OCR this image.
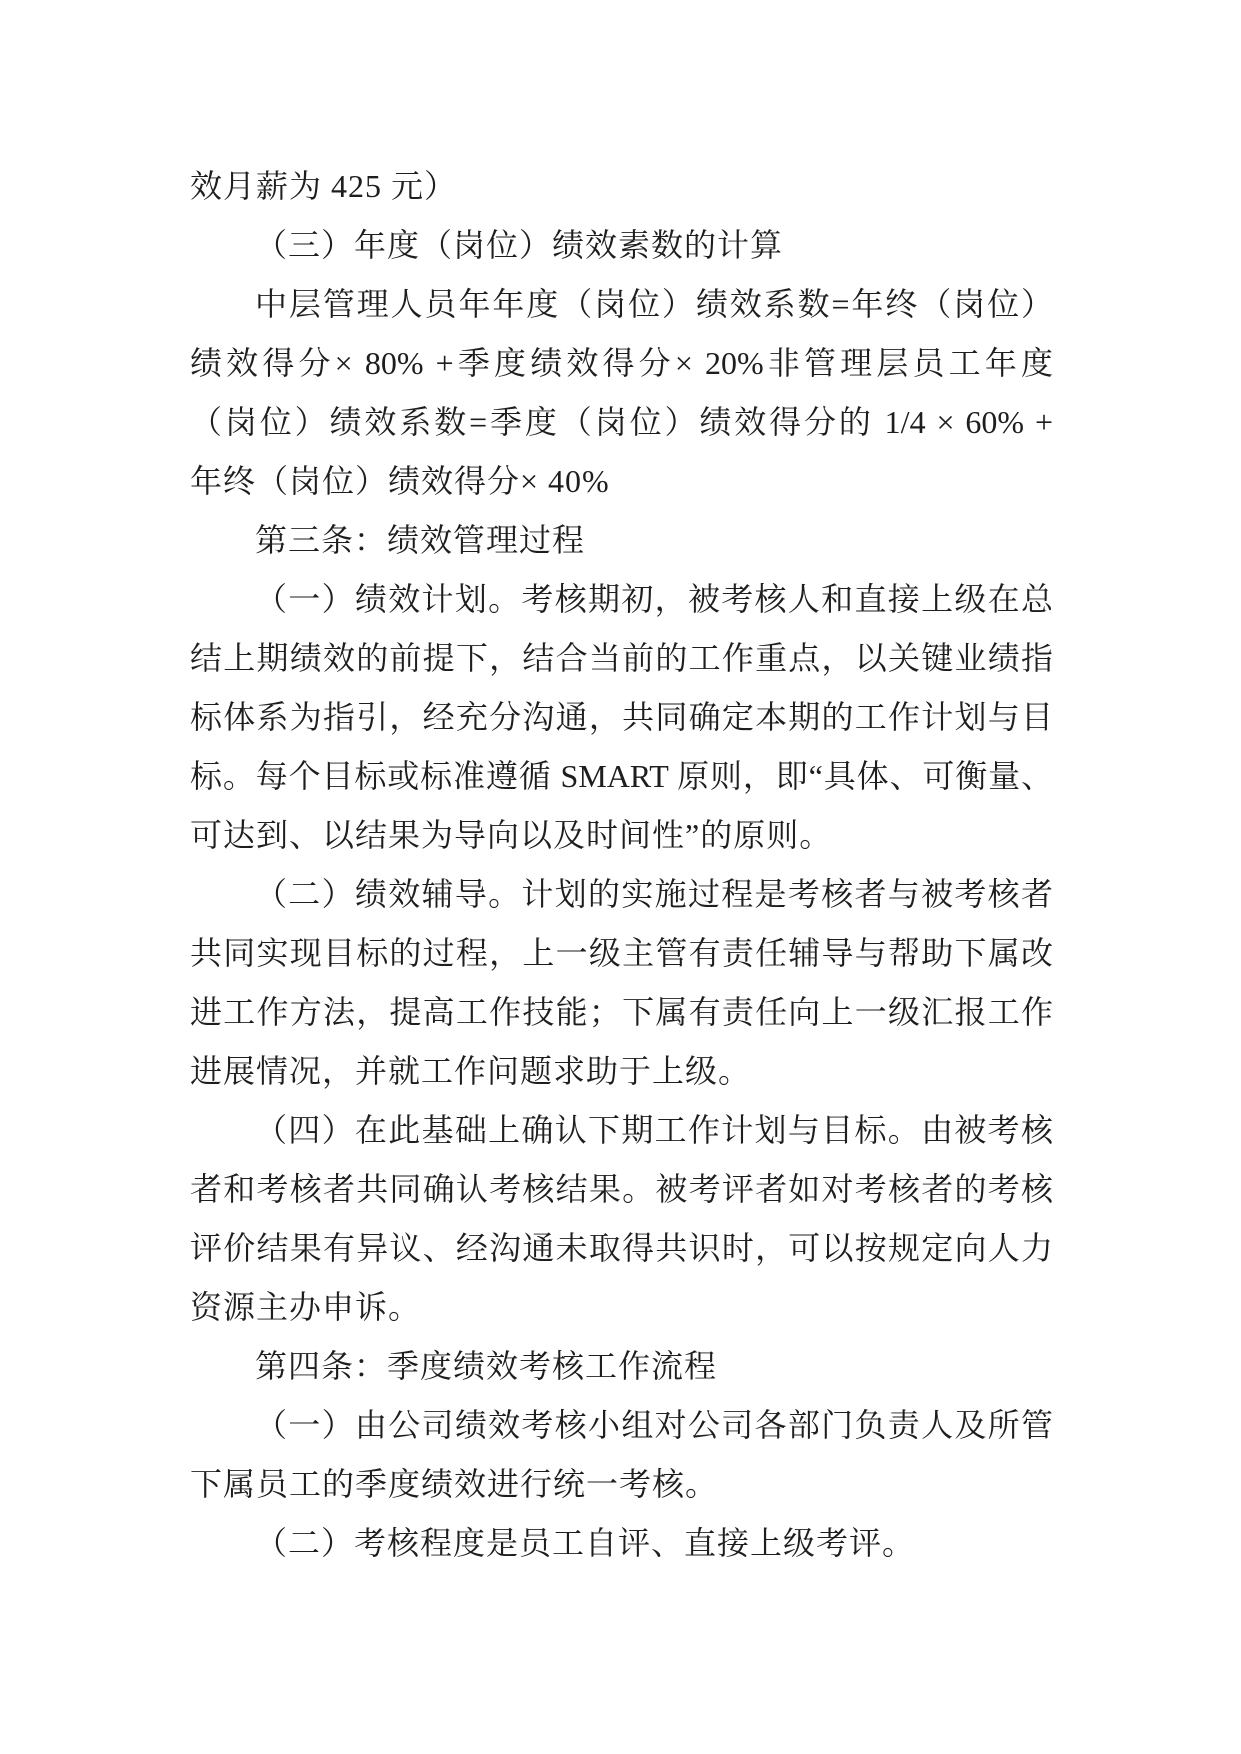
效月薪为 425 元）
（三）年度（岗位）绩效素数的计算
中层管理人员年年度（岗位）绩效系数=年终（岗位）
绩效得分× 80% +季度绩效得分× 20%非管理层员工年度
（岗位）绩效系数=季度（岗位）绩效得分的 1/4 × 60% +
年终（岗位）绩效得分× 40%
第三条：绩效管理过程
（一）绩效计划。考核期初，被考核人和直接上级在总
结上期绩效的前提下，结合当前的工作重点，以关键业绩指
标体系为指引，经充分沟通，共同确定本期的工作计划与目
标。每个目标或标准遵循 SMART 原则，即“具体、可衡量、
可达到、以结果为导向以及时间性”的原则。
（二）绩效辅导。计划的实施过程是考核者与被考核者
共同实现目标的过程，上一级主管有责任辅导与帮助下属改
进工作方法，提高工作技能；下属有责任向上一级汇报工作
进展情况，并就工作问题求助于上级。
（四）在此基础上确认下期工作计划与目标。由被考核
者和考核者共同确认考核结果。被考评者如对考核者的考核
评价结果有异议、经沟通未取得共识时，可以按规定向人力
资源主办申诉。
第四条：季度绩效考核工作流程
（一）由公司绩效考核小组对公司各部门负责人及所管
下属员工的季度绩效进行统一考核。
（二）考核程度是员工自评、直接上级考评。
